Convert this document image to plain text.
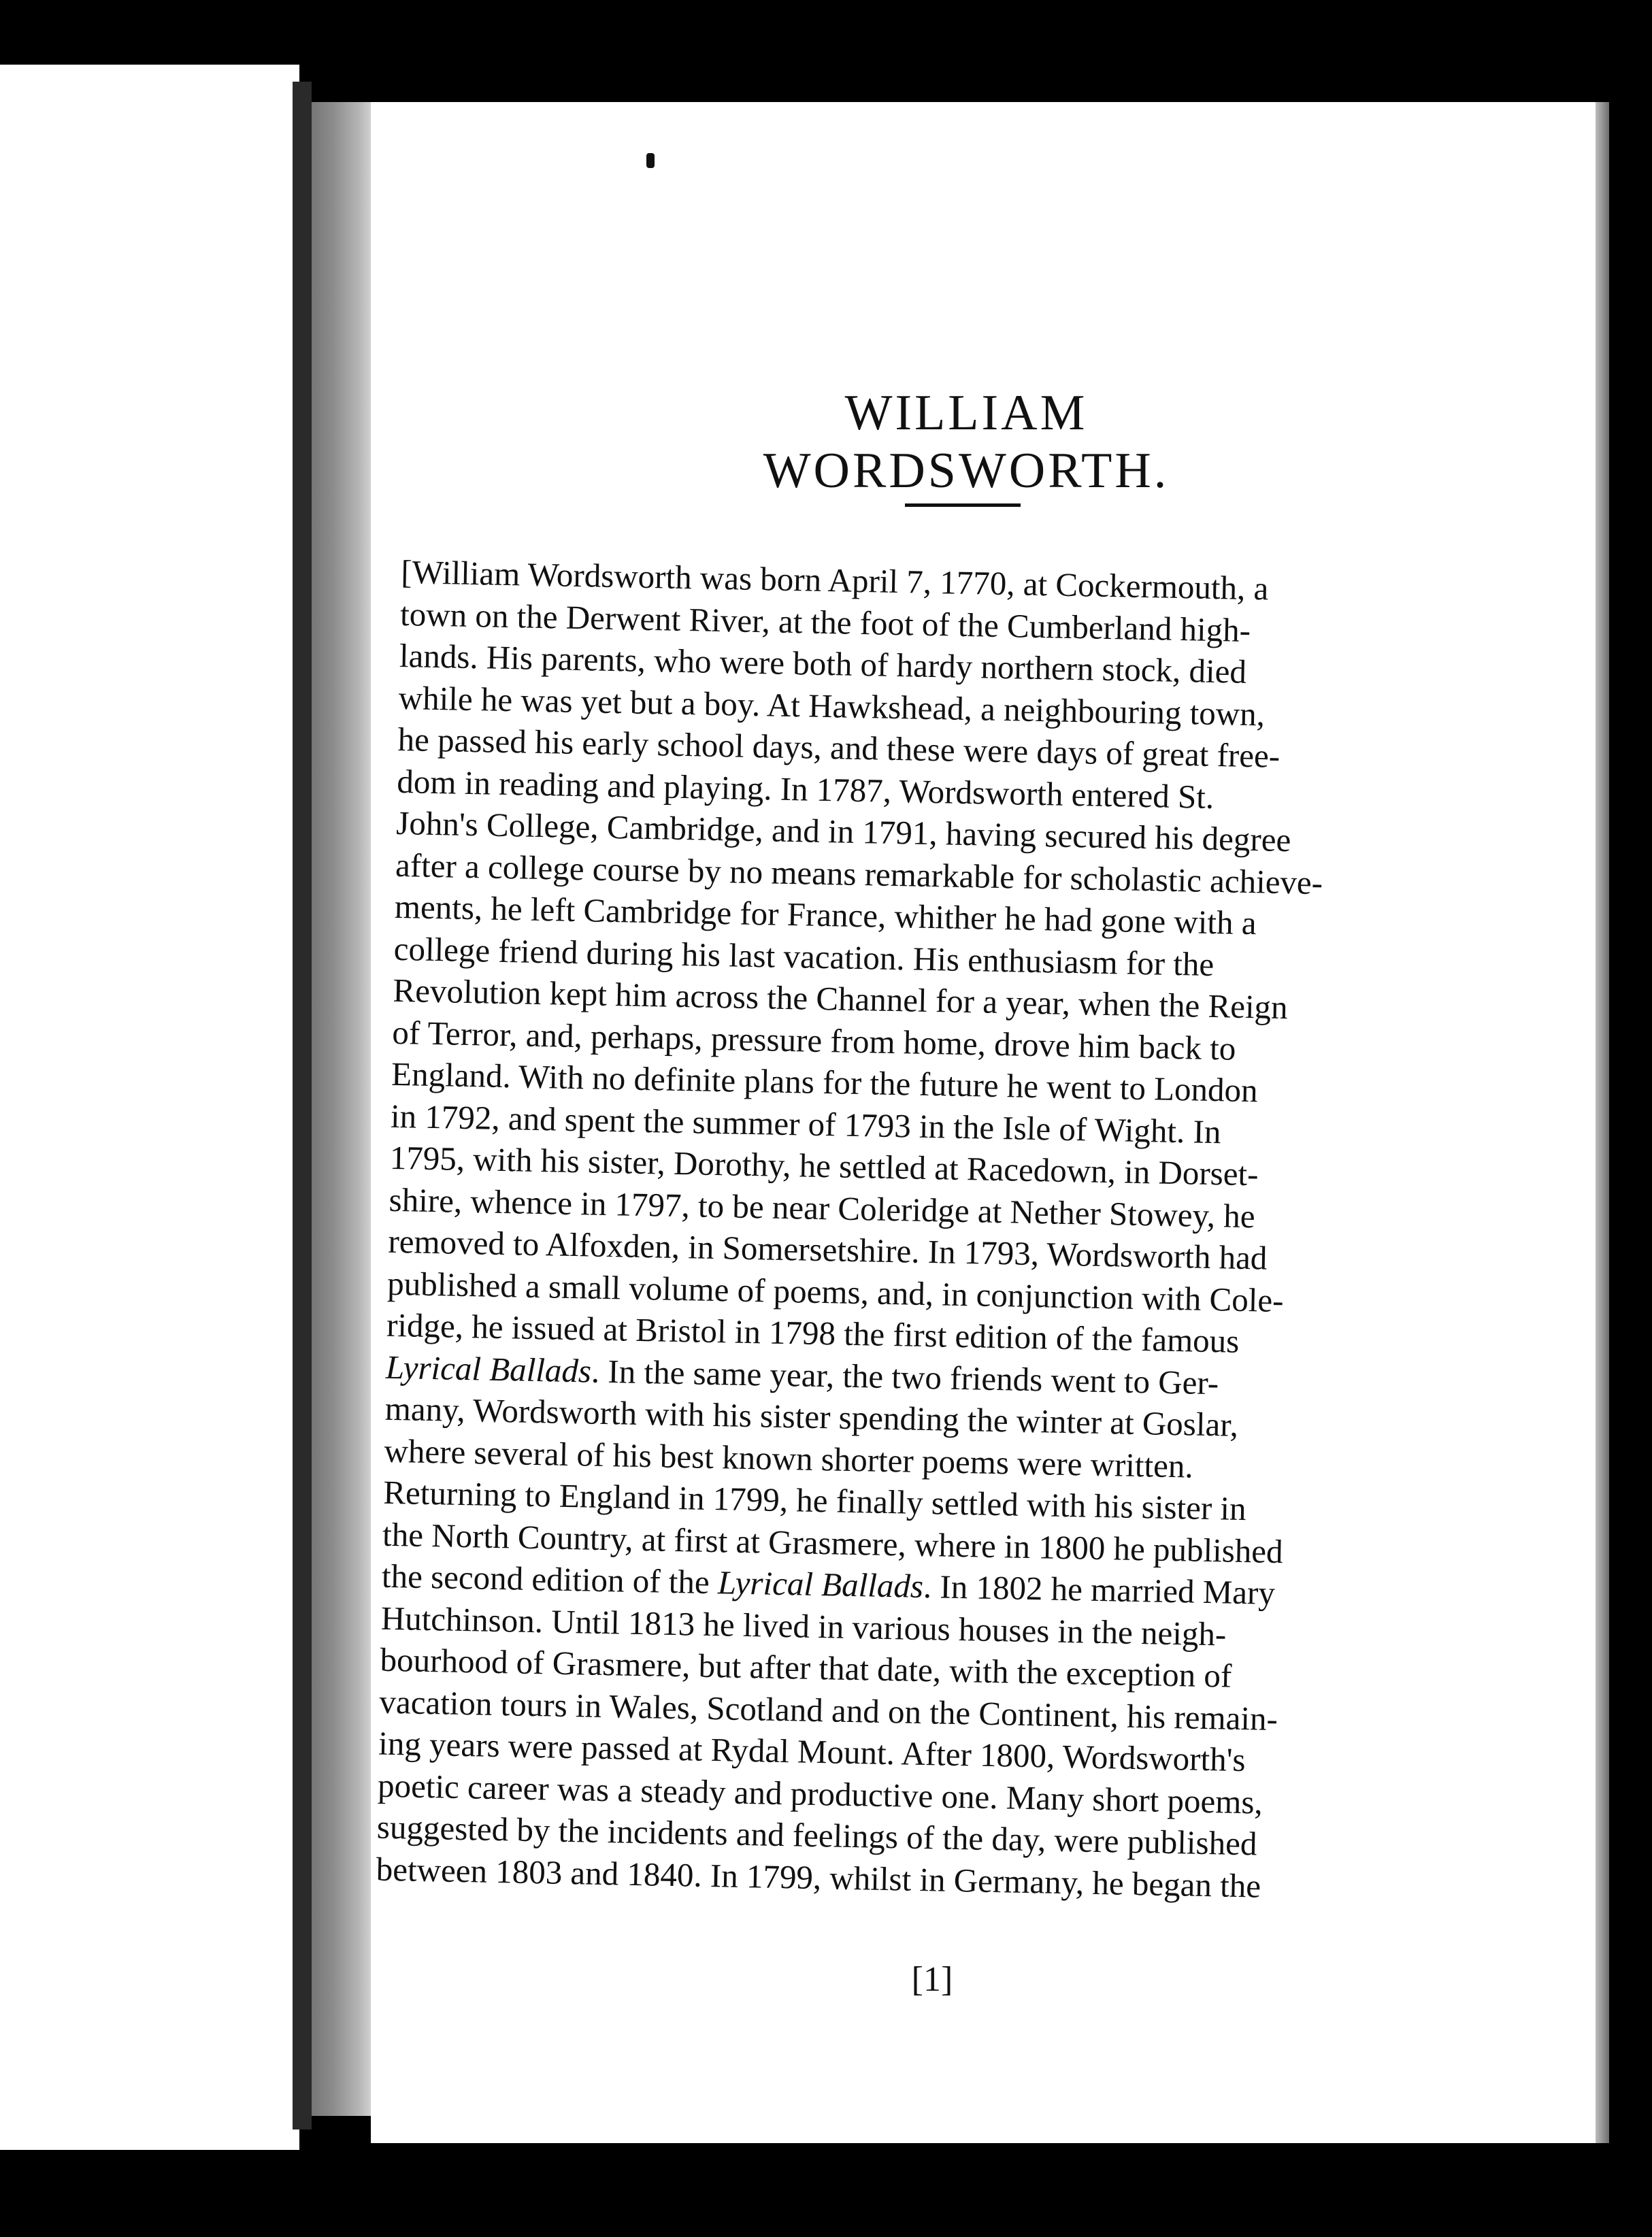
WILLIAM WORDSWORTH.
[William Wordsworth was born April 7, 1770, at Cockermouth, a
town on the Derwent River, at the foot of the Cumberland high-
lands. His parents, who were both of hardy northern stock, died
while he was yet but a boy. At Hawkshead, a neighbouring town,
he passed his early school days, and these were days of great free-
dom in reading and playing. In 1787, Wordsworth entered St.
John's College, Cambridge, and in 1791, having secured his degree
after a college course by no means remarkable for scholastic achieve-
ments, he left Cambridge for France, whither he had gone with a
college friend during his last vacation. His enthusiasm for the
Revolution kept him across the Channel for a year, when the Reign
of Terror, and, perhaps, pressure from home, drove him back to
England. With no definite plans for the future he went to London
in 1792, and spent the summer of 1793 in the Isle of Wight. In
1795, with his sister, Dorothy, he settled at Racedown, in Dorset-
shire, whence in 1797, to be near Coleridge at Nether Stowey, he
removed to Alfoxden, in Somersetshire. In 1793, Wordsworth had
published a small volume of poems, and, in conjunction with Cole-
ridge, he issued at Bristol in 1798 the first edition of the famous
Lyrical Ballads. In the same year, the two friends went to Ger-
many, Wordsworth with his sister spending the winter at Goslar,
where several of his best known shorter poems were written.
Returning to England in 1799, he finally settled with his sister in
the North Country, at first at Grasmere, where in 1800 he published
the second edition of the Lyrical Ballads. In 1802 he married Mary
Hutchinson. Until 1813 he lived in various houses in the neigh-
bourhood of Grasmere, but after that date, with the exception of
vacation tours in Wales, Scotland and on the Continent, his remain-
ing years were passed at Rydal Mount. After 1800, Wordsworth's
poetic career was a steady and productive one. Many short poems,
suggested by the incidents and feelings of the day, were published
between 1803 and 1840. In 1799, whilst in Germany, he began the
[1]
